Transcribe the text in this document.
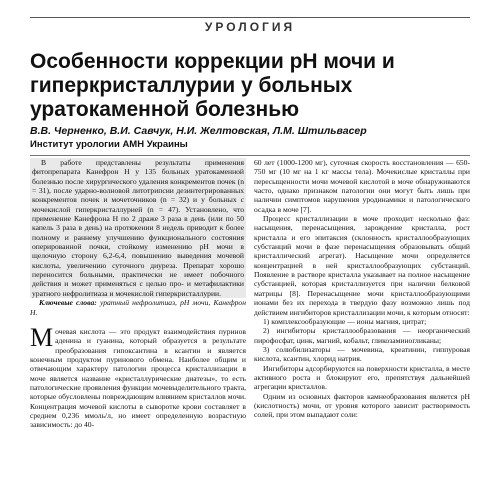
УРОЛОГИЯ
Особенности коррекции рН мочи и гиперкристаллурии у больных уратокаменной болезнью
В.В. Черненко, В.И. Савчук, Н.И. Желтовская, Л.М. Штильвасер
Институт урологии АМН Украины

В работе представлены результаты применения фитопрепарата Канефрон Н у 135 больных уратокаменной болезнью после хирургического удаления конкрементов почек (n = 31), после ударно-волновой литотрипсии дезинтегрированных конкрементов почек и мочеточников (n = 32) и у больных с мочекислой гиперкристаллурией (n = 47). Установлено, что применение Канефрона Н по 2 драже 3 раза в день (или по 50 капель 3 раза в день) на протяжении 8 недель приводит к более полному и раннему улучшению функционального состояния оперированной почки, стойкому изменению рН мочи в щелочную сторону 6,2-6,4, повышению выведения мочевой кислоты, увеличению суточного диуреза. Препарат хорошо переносится больными, практически не имеет побочного действия и может применяться с целью про- и метафилактики уратного нефролитиаза и мочекислой гиперкристаллурии.

Ключевые слова: уратный нефролитиаз, рН мочи, Канефрон Н.

Мочевая кислота — это продукт взаимодействия пуринов аденина и гуанина, который образуется в результате преобразования гипоксантина в ксантин и является конечным продуктом пуринового обмена. Наиболее общим и отвечающим характеру патологии процесса кристаллизации в моче является название «кристаллурические диатезы», то есть патологические проявления функции мочевыделительного тракта, которые обусловлены повреждающим влиянием кристаллов мочи. Концентрация мочевой кислоты в сыворотке крови составляет в среднем 0,236 ммоль/л, но имеет определенную возрастную зависимость: до 40-

60 лет (1000-1200 мг), суточная скорость восстановления — 650-750 мг (10 мг на 1 кг массы тела). Мочекислые кристаллы при пересыщенности мочи мочевой кислотой в моче обнаруживаются часто, однако признаком патологии они могут быть лишь при наличии симптомов нарушения уродинамики и патологического осадка в моче [7].

Процесс кристаллизации в моче проходит несколько фаз: насыщения, перенасыщения, зарождение кристалла, рост кристалла и его эпитаксия (склонность кристаллообразующих субстанций мочи в фазе перенасыщения образовывать общий кристаллический агрегат). Насыщение мочи определяется концентрацией в ней кристаллообразующих субстанций. Появление в растворе кристалла указывает на полное насыщение субстанцией, которая кристаллизуется при наличии белковой матрицы [8]. Перенасыщение мочи кристаллообразующими ионами без их перехода в твердую фазу возможно лишь под действием ингибиторов кристаллизации мочи, к которым относят:

1) комплексообразующие — ионы магния, цитрат;

2) ингибиторы кристаллообразования — неорганический пирофосфат, цинк, магний, кобальт, гликозаминогликаны;

3) солюбилизаторы — мочевина, креатинин, гиппуровая кислота, ксантин, хлорид натрия.

Ингибиторы адсорбируются на поверхности кристалла, в месте активного роста и блокируют его, препятствуя дальнейшей агрегации кристаллов.

Одним из основных факторов камнеобразования является рН (кислотность) мочи, от уровня которого зависит растворимость солей, при этом выпадают соли:
